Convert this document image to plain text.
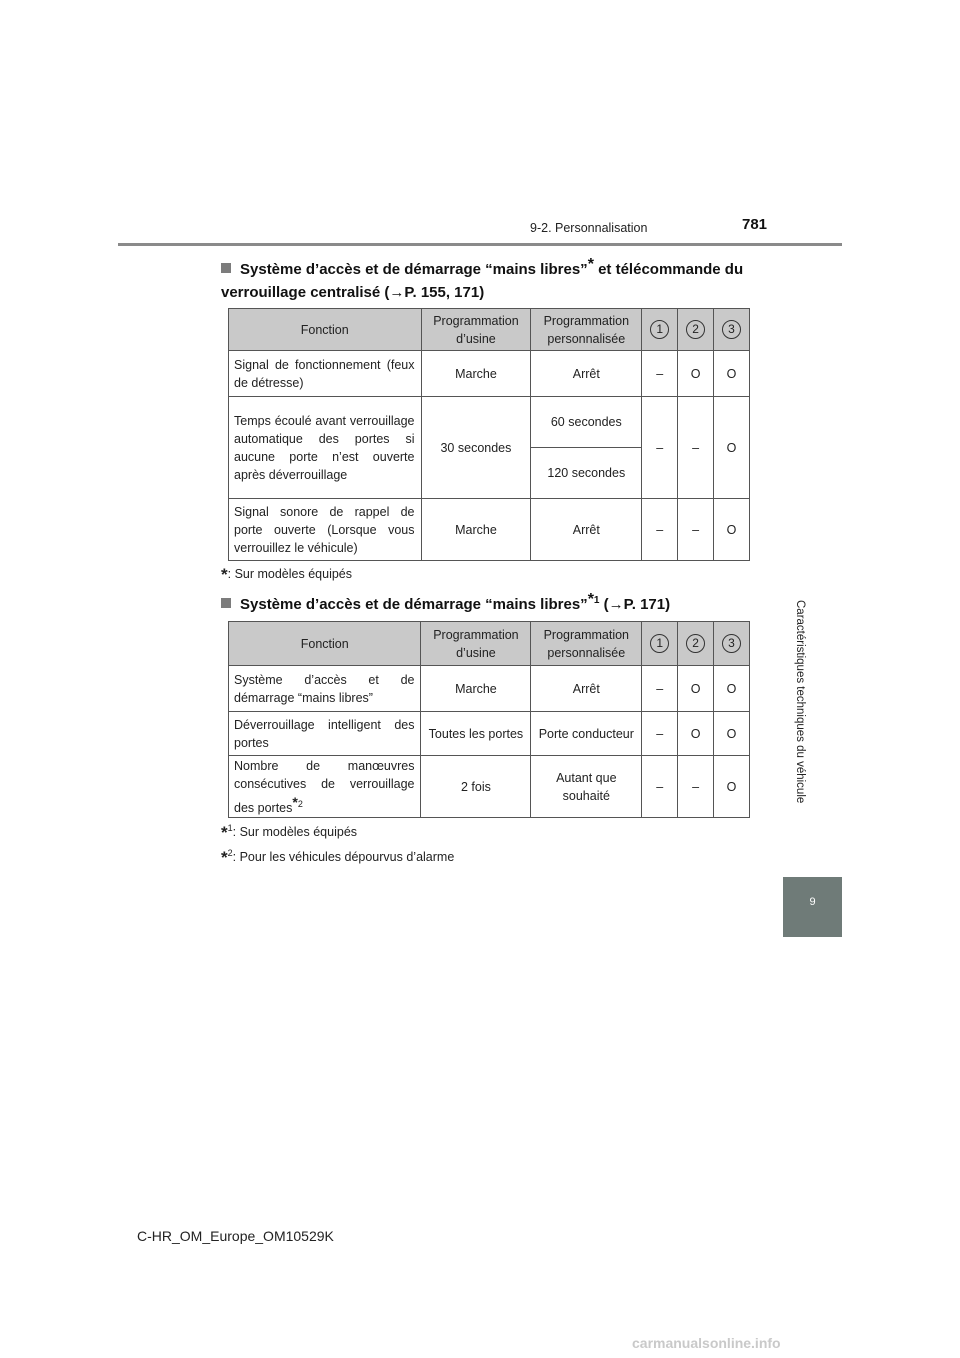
9-2. Personnalisation	781
Caractéristiques techniques du véhicule
9
Système d’accès et de démarrage “mains libres”* et télécommande du verrouillage centralisé (→P. 155, 171)
Fonction	Programmation d’usine	Programmation personnalisée	1	2	3
Signal de fonctionnement (feux de détresse)	Marche	Arrêt	–	O	O
Temps écoulé avant verrouillage automatique des portes si aucune porte n’est ouverte après déverrouillage	30 secondes	60 secondes	–	–	O
		120 secondes			
Signal sonore de rappel de porte ouverte (Lorsque vous verrouillez le véhicule)	Marche	Arrêt	–	–	O
*: Sur modèles équipés
Système d’accès et de démarrage “mains libres”*$^1$ (→P. 171)
Fonction	Programmation d’usine	Programmation personnalisée	1	2	3
Système d’accès et de démarrage “mains libres”	Marche	Arrêt	–	O	O
Déverrouillage intelligent des portes	Toutes les portes	Porte conducteur	–	O	O
Nombre de manœuvres consécutives de verrouillage des portes*$^2$	2 fois	Autant que souhaité	–	–	O
*$^1$: Sur modèles équipés
*$^2$: Pour les véhicules dépourvus d’alarme
C-HR_OM_Europe_OM10529K
carmanualsonline.info
